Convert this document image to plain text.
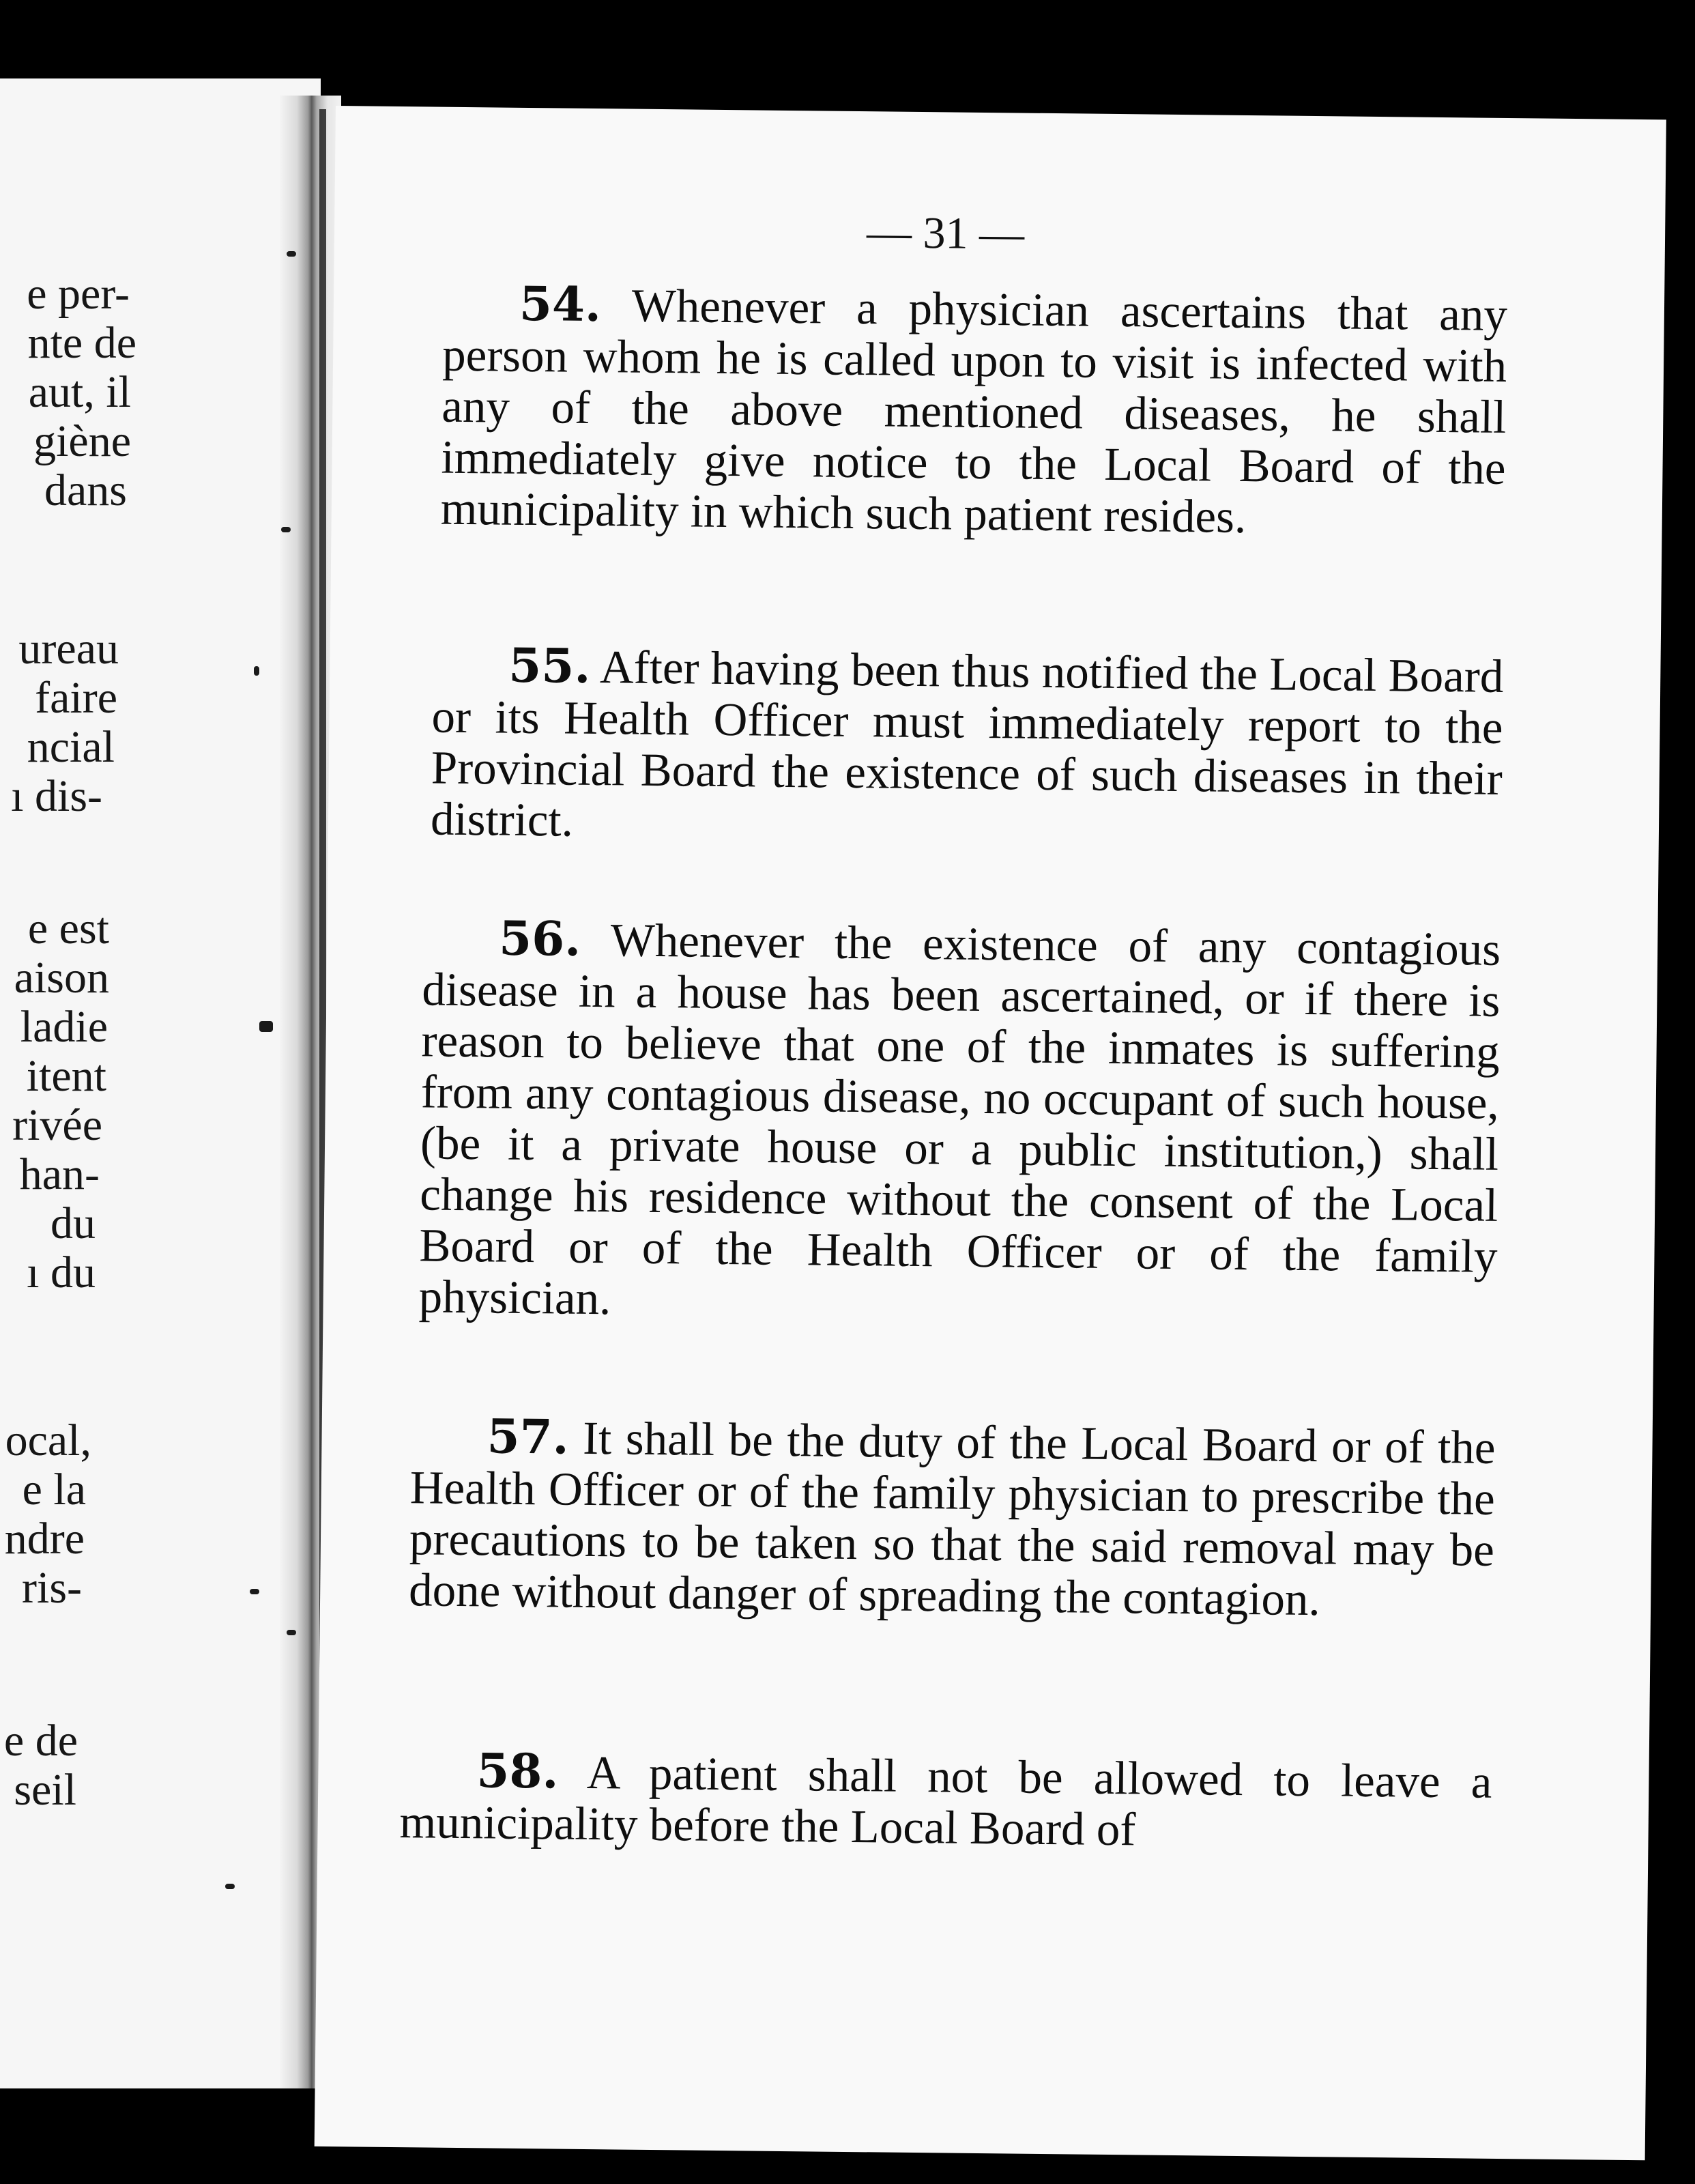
e per-
nte de
aut, il
giène
dans
ureau
faire
ncial
ı dis-
e est
aison
ladie
itent
rivée
han-
du
ı du
ocal,
e la
ndre
ris-
e de
seil
— 31 —

54. Whenever a physician ascertains that any person whom he is called upon to visit is infected with any of the above mentioned diseases, he shall immediately give notice to the Local Board of the municipality in which such patient resides.

55. After having been thus notified the Local Board or its Health Officer must immediately report to the Provincial Board the existence of such diseases in their district.

56. Whenever the existence of any contagious disease in a house has been ascertained, or if there is reason to believe that one of the inmates is suffering from any contagious disease, no occupant of such house, (be it a private house or a public institution,) shall change his residence without the consent of the Local Board or of the Health Officer or of the family physician.

57. It shall be the duty of the Local Board or of the Health Officer or of the family physician to prescribe the precautions to be taken so that the said removal may be done without danger of spreading the contagion.

58. A patient shall not be allowed to leave a municipality before the Local Board of
